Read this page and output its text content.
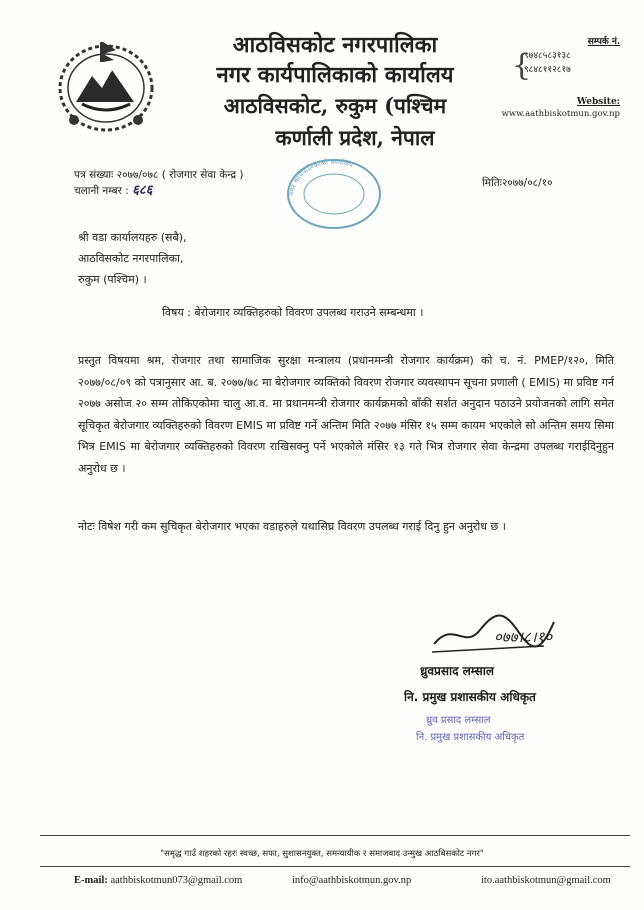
आठविसकोट नगरपालिका
नगर कार्यपालिकाको कार्यालय
आठविसकोट, रुकुम (पश्चिम
कर्णाली प्रदेश, नेपाल
सम्पर्क नं.
{
९७४८५८३१३८
९८४८११२८१७
Website:
www.aathbiskotmun.gov.np
पत्र संख्याः २०७७/०७८ ( रोजगार सेवा केन्द्र )
चलानी नम्बर : ६८६	मितिः२०७७/०८/१०
नगर कार्यपालिकाको कार्यालय
श्री वडा कार्यालयहरु (सबै),
आठविसकोट नगरपालिका,
रुकुम (पश्चिम) ।
विषय : बेरोजगार व्यक्तिहरुको विवरण उपलब्ध गराउने सम्बन्धमा ।
प्रस्तुत विषयमा श्रम, रोजगार तथा सामाजिक सुरक्षा मन्त्रालय (प्रधानमन्त्री रोजगार कार्यक्रम) को च. नं. PMEP/१२०, मिति २०७७/०८/०९ को पत्रानुसार आ. ब. २०७७/७८ मा बेरोजगार व्यक्तिको विवरण रोजगार व्यवस्थापन सूचना प्रणाली ( EMIS) मा प्रविष्ट गर्न २०७७ असोज २० सम्म तोकिएकोमा चालु आ.व. मा प्रधानमन्त्री रोजगार कार्यक्रमको बाँकी सर्शत अनुदान पठाउने प्रयोजनको लागि समेत सूचिकृत बेरोजगार व्यक्तिहरुको विवरण EMIS मा प्रविष्ट गर्ने अन्तिम मिति २०७७ मंसिर १५ सम्म कायम भएकोले सो अन्तिम समय सिमा भित्र EMIS मा बेरोजगार व्यक्तिहरुको विवरण राखिसक्नु पर्ने भएकोले मंसिर १३ गते भित्र रोजगार सेवा केन्द्रमा उपलब्ध गराईदिनुहुन अनुरोध छ ।
नोटः विषेश गरी कम सुचिकृत बेरोजगार भएका वडाहरुले यथासिघ्र विवरण उपलब्ध गराई दिनु हुन अनुरोध छ ।
०७७।८।१०
ध्रुवप्रसाद लम्साल
नि. प्रमुख प्रशासकीय अधिकृत
ध्रुव प्रसाद लम्साल
नि. प्रमुख प्रशासकीय अधिकृत
"समृद्ध गाउँ शहरको रहरः स्वच्छ, सफा, सुशासनयुक्त, समन्यायीक र समाजवाद उन्मुख आठबिसकोट नगर"
E-mail: aathbiskotmun073@gmail.com	info@aathbiskotmun.gov.np	ito.aathbiskotmun@gmail.com
